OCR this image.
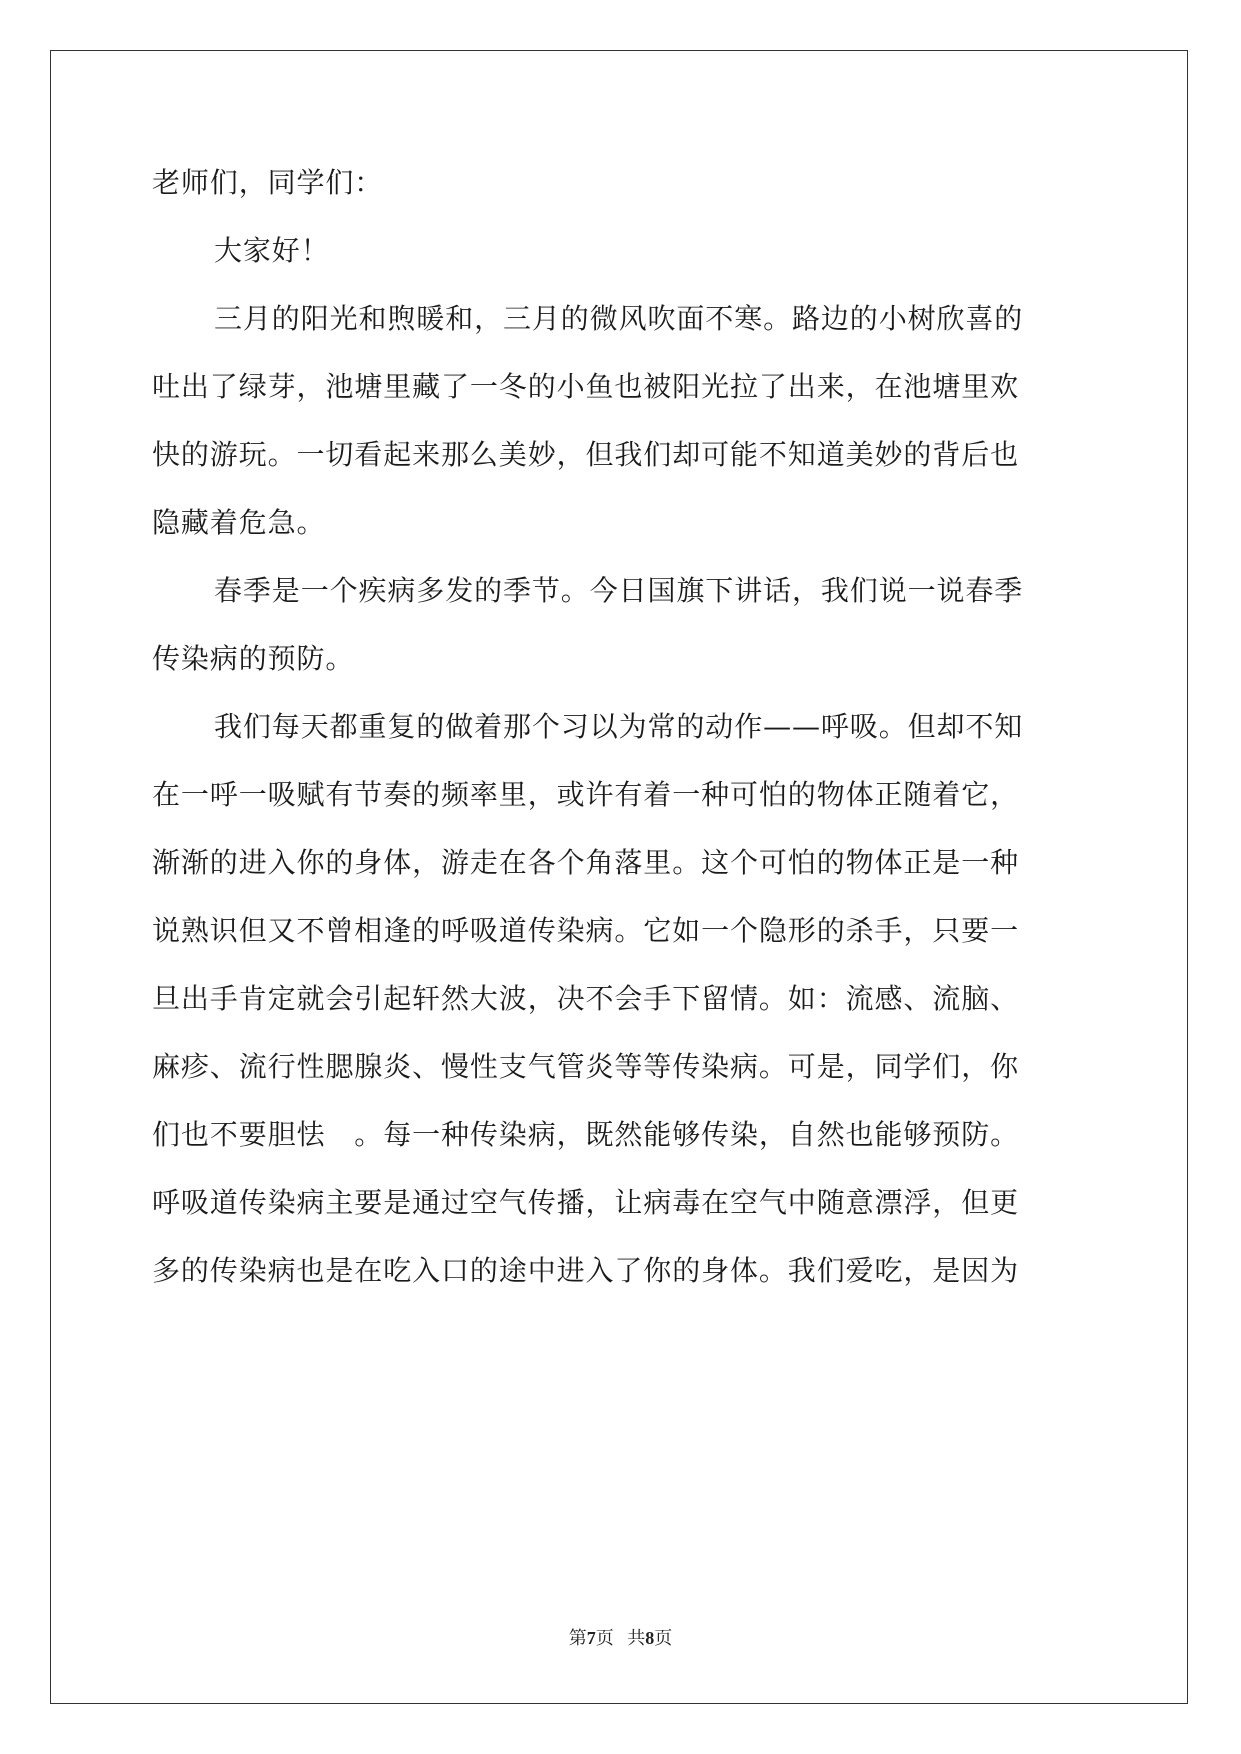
老师们，同学们：
大家好！
三月的阳光和煦暖和，三月的微风吹面不寒。路边的小树欣喜的
吐出了绿芽，池塘里藏了一冬的小鱼也被阳光拉了出来，在池塘里欢
快的游玩。一切看起来那么美妙，但我们却可能不知道美妙的背后也
隐藏着危急。
春季是一个疾病多发的季节。今日国旗下讲话，我们说一说春季
传染病的预防。
我们每天都重复的做着那个习以为常的动作——呼吸。但却不知
在一呼一吸赋有节奏的频率里，或许有着一种可怕的物体正随着它，
渐渐的进入你的身体，游走在各个角落里。这个可怕的物体正是一种
说熟识但又不曾相逢的呼吸道传染病。它如一个隐形的杀手，只要一
旦出手肯定就会引起轩然大波，决不会手下留情。如：流感、流脑、
麻疹、流行性腮腺炎、慢性支气管炎等等传染病。可是，同学们，你
们也不要胆怯　。每一种传染病，既然能够传染，自然也能够预防。
呼吸道传染病主要是通过空气传播，让病毒在空气中随意漂浮，但更
多的传染病也是在吃入口的途中进入了你的身体。我们爱吃，是因为
第7页 共8页
